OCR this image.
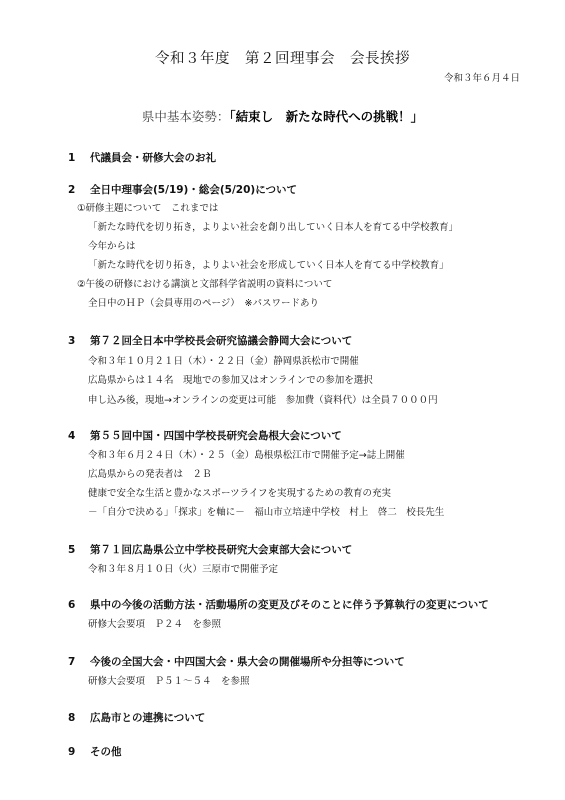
令和３年度　第２回理事会　会長挨拶
令和３年６月４日
県中基本姿勢：「結束し　新たな時代への挑戦！」
1 代議員会・研修大会のお礼
2 全日中理事会(5/19)・総会(5/20)について
①研修主題について　これまでは
「新たな時代を切り拓き，よりよい社会を創り出していく日本人を育てる中学校教育」
今年からは
「新たな時代を切り拓き，よりよい社会を形成していく日本人を育てる中学校教育」
②午後の研修における講演と文部科学省説明の資料について
全日中のＨＰ（会員専用のページ）　※パスワードあり
3 第７２回全日本中学校長会研究協議会静岡大会について
令和３年１０月２１日（木）・２２日（金）静岡県浜松市で開催
広島県からは１４名　現地での参加又はオンラインでの参加を選択
申し込み後，現地→オンラインの変更は可能　参加費（資料代）は全員７０００円
4 第５５回中国・四国中学校長研究会島根大会について
令和３年６月２４日（木）・２５（金）島根県松江市で開催予定→誌上開催
広島県からの発表者は　２Ｂ
健康で安全な生活と豊かなスポーツライフを実現するための教育の充実
－「自分で決める」「探求」を軸に－　福山市立培達中学校　村上　啓二　校長先生
5 第７１回広島県公立中学校長研究大会東部大会について
令和３年８月１０日（火）三原市で開催予定
6 県中の今後の活動方法・活動場所の変更及びそのことに伴う予算執行の変更について
研修大会要項　Ｐ２４　を参照
7 今後の全国大会・中四国大会・県大会の開催場所や分担等について
研修大会要項　Ｐ５１～５４　を参照
8 広島市との連携について
9 その他
